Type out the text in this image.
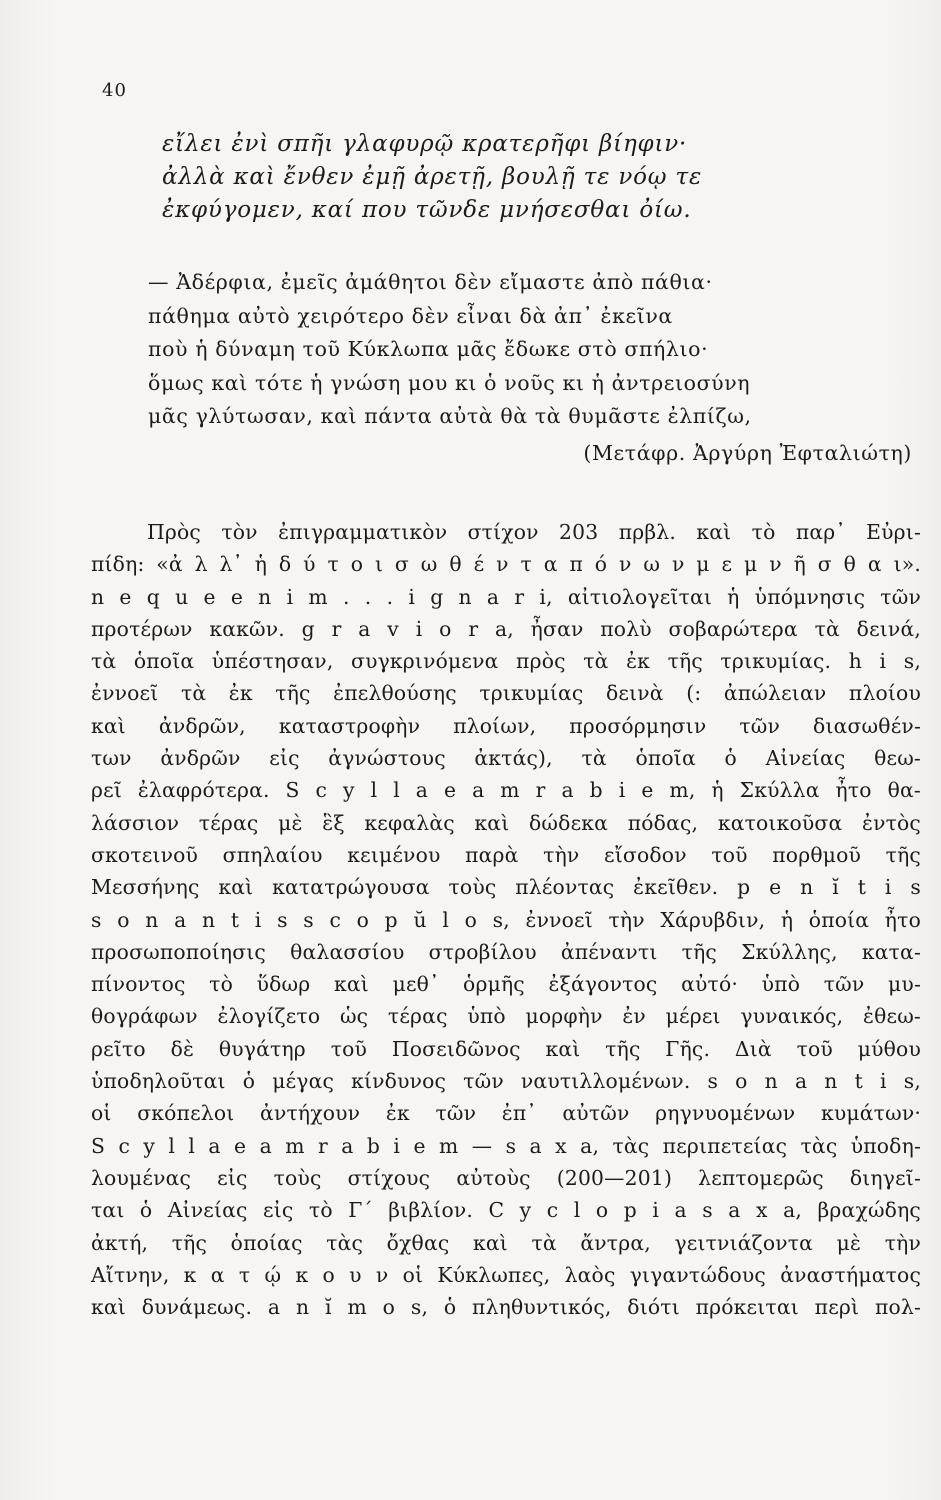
40
εἴλει ἐνὶ σπῆι γλαφυρῷ κρατερῆφι βίηφιν·
ἀλλὰ καὶ ἔνθεν ἐμῇ ἀρετῇ, βουλῇ τε νόῳ τε
ἐκφύγομεν, καί που τῶνδε μνήσεσθαι ὀίω.
— Ἀδέρφια, ἐμεῖς ἀμάθητοι δὲν εἴμαστε ἀπὸ πάθια·
πάθημα αὐτὸ χειρότερο δὲν εἶναι δὰ ἀπ᾽ ἐκεῖνα
ποὺ ἡ δύναμη τοῦ Κύκλωπα μᾶς ἔδωκε στὸ σπήλιο·
ὅμως καὶ τότε ἡ γνώση μου κι ὁ νοῦς κι ἡ ἀντρειοσύνη
μᾶς γλύτωσαν, καὶ πάντα αὐτὰ θὰ τὰ θυμᾶστε ἐλπίζω,
(Μετάφρ. Ἀργύρη Ἐφταλιώτη)
Πρὸς τὸν ἐπιγραμματικὸν στίχον 203 πρβλ. καὶ τὸ παρ᾽ Εὐρι-
πίδη: «ἀ λ λ᾽ ἡ δ ύ τ ο ι σ ω θ έ ν τ α π ό ν ω ν μ ε μ ν ῆ σ θ α ι».
n e q u e e n i m . . . i g n a r i, αἰτιολογεῖται ἡ ὑπόμνησις τῶν
προτέρων κακῶν. g r a v i o r a, ἦσαν πολὺ σοβαρώτερα τὰ δεινά,
τὰ ὁποῖα ὑπέστησαν, συγκρινόμενα πρὸς τὰ ἐκ τῆς τρικυμίας. h i s,
ἐννοεῖ τὰ ἐκ τῆς ἐπελθούσης τρικυμίας δεινὰ (: ἀπώλειαν πλοίου
καὶ ἀνδρῶν, καταστροφὴν πλοίων, προσόρμησιν τῶν διασωθέν-
των ἀνδρῶν εἰς ἀγνώστους ἀκτάς), τὰ ὁποῖα ὁ Αἰνείας θεω-
ρεῖ ἐλαφρότερα. S c y l l a e a m r a b i e m, ἡ Σκύλλα ἦτο θα-
λάσσιον τέρας μὲ ἓξ κεφαλὰς καὶ δώδεκα πόδας, κατοικοῦσα ἐντὸς
σκοτεινοῦ σπηλαίου κειμένου παρὰ τὴν εἴσοδον τοῦ πορθμοῦ τῆς
Μεσσήνης καὶ κατατρώγουσα τοὺς πλέοντας ἐκεῖθεν. p e n ĭ t i s
s o n a n t i s s c o p ŭ l o s, ἐννοεῖ τὴν Χάρυβδιν, ἡ ὁποία ἦτο
προσωποποίησις θαλασσίου στροβίλου ἀπέναντι τῆς Σκύλλης, κατα-
πίνοντος τὸ ὕδωρ καὶ μεθ᾽ ὁρμῆς ἐξάγοντος αὐτό· ὑπὸ τῶν μυ-
θογράφων ἐλογίζετο ὡς τέρας ὑπὸ μορφὴν ἐν μέρει γυναικός, ἐθεω-
ρεῖτο δὲ θυγάτηρ τοῦ Ποσειδῶνος καὶ τῆς Γῆς. Διὰ τοῦ μύθου
ὑποδηλοῦται ὁ μέγας κίνδυνος τῶν ναυτιλλομένων. s o n a n t i s,
οἱ σκόπελοι ἀντήχουν ἐκ τῶν ἐπ᾽ αὐτῶν ρηγνυομένων κυμάτων·
S c y l l a e a m r a b i e m — s a x a, τὰς περιπετείας τὰς ὑποδη-
λουμένας εἰς τοὺς στίχους αὐτοὺς (200—201) λεπτομερῶς διηγεῖ-
ται ὁ Αἰνείας εἰς τὸ Γ΄ βιβλίον. C y c l o p i a s a x a, βραχώδης
ἀκτή, τῆς ὁποίας τὰς ὄχθας καὶ τὰ ἄντρα, γειτνιάζοντα μὲ τὴν
Αἴτνην, κ α τ ῴ κ ο υ ν οἱ Κύκλωπες, λαὸς γιγαντώδους ἀναστήματος
καὶ δυνάμεως. a n ĭ m o s, ὁ πληθυντικός, διότι πρόκειται περὶ πολ-
